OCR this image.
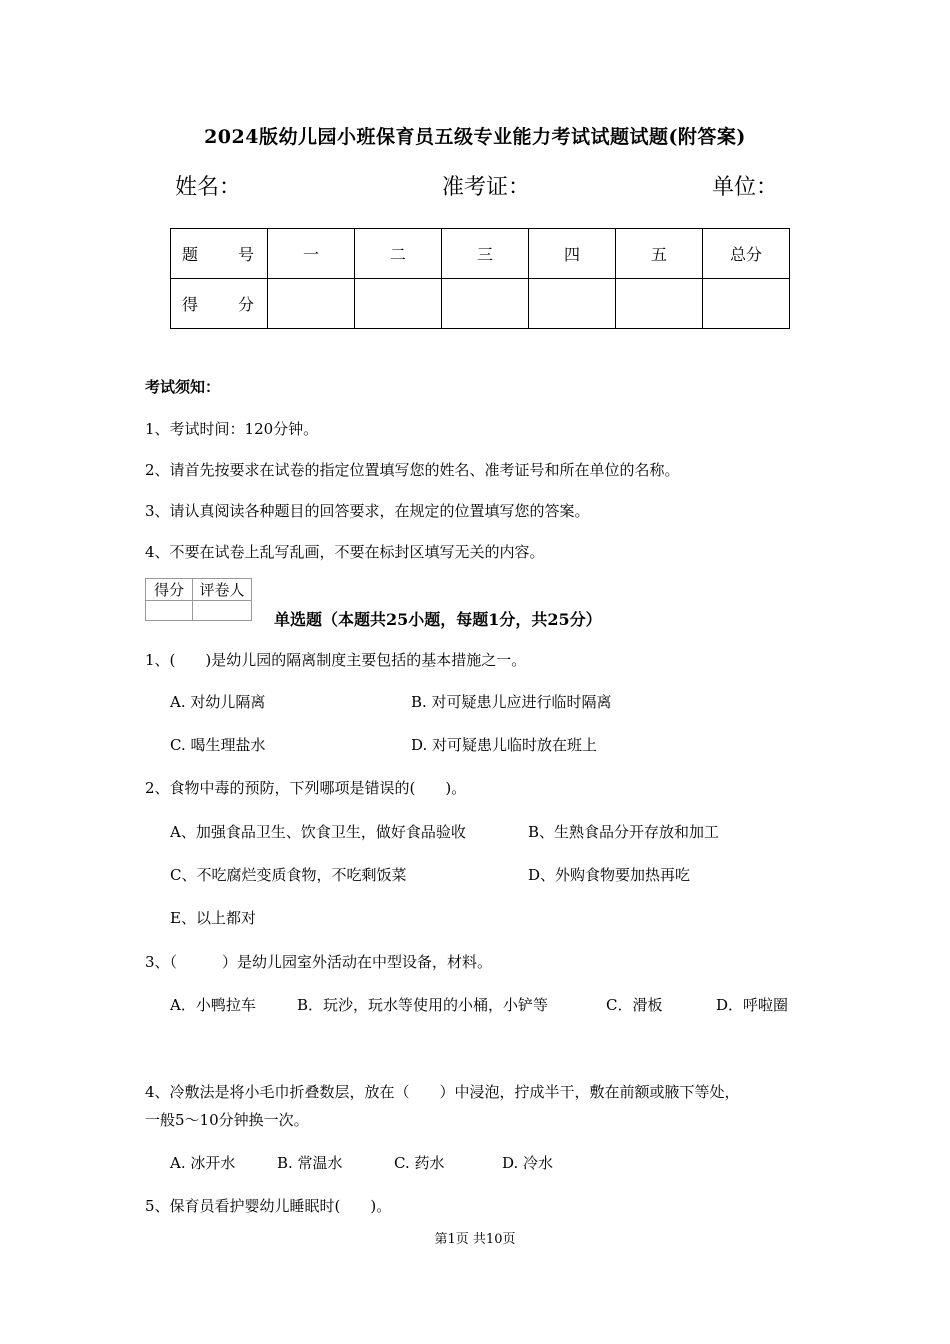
2024版幼儿园小班保育员五级专业能力考试试题试题(附答案)
姓名：	准考证：	单位：
题　号	一	二	三	四	五	总分
得　分						
考试须知：
1、考试时间：120分钟。
2、请首先按要求在试卷的指定位置填写您的姓名、准考证号和所在单位的名称。
3、请认真阅读各种题目的回答要求，在规定的位置填写您的答案。
4、不要在试卷上乱写乱画，不要在标封区填写无关的内容。
得分	评卷人

单选题（本题共25小题，每题1分，共25分）
1、(　　)是幼儿园的隔离制度主要包括的基本措施之一。
A. 对幼儿隔离	B. 对可疑患儿应进行临时隔离
C. 喝生理盐水	D. 对可疑患儿临时放在班上
2、食物中毒的预防，下列哪项是错误的(　　)。
A、加强食品卫生、饮食卫生，做好食品验收	B、生熟食品分开存放和加工
C、不吃腐烂变质食物，不吃剩饭菜	D、外购食物要加热再吃
E、以上都对
3、（　　　）是幼儿园室外活动在中型设备，材料。
A．小鸭拉车	B．玩沙，玩水等使用的小桶，小铲等	C．滑板	D．呼啦圈
4、冷敷法是将小毛巾折叠数层，放在（　　）中浸泡，拧成半干，敷在前额或腋下等处，
一般5～10分钟换一次。
A. 冰开水	B. 常温水	C. 药水	D. 冷水
5、保育员看护婴幼儿睡眠时(　　)。
第1页 共10页
